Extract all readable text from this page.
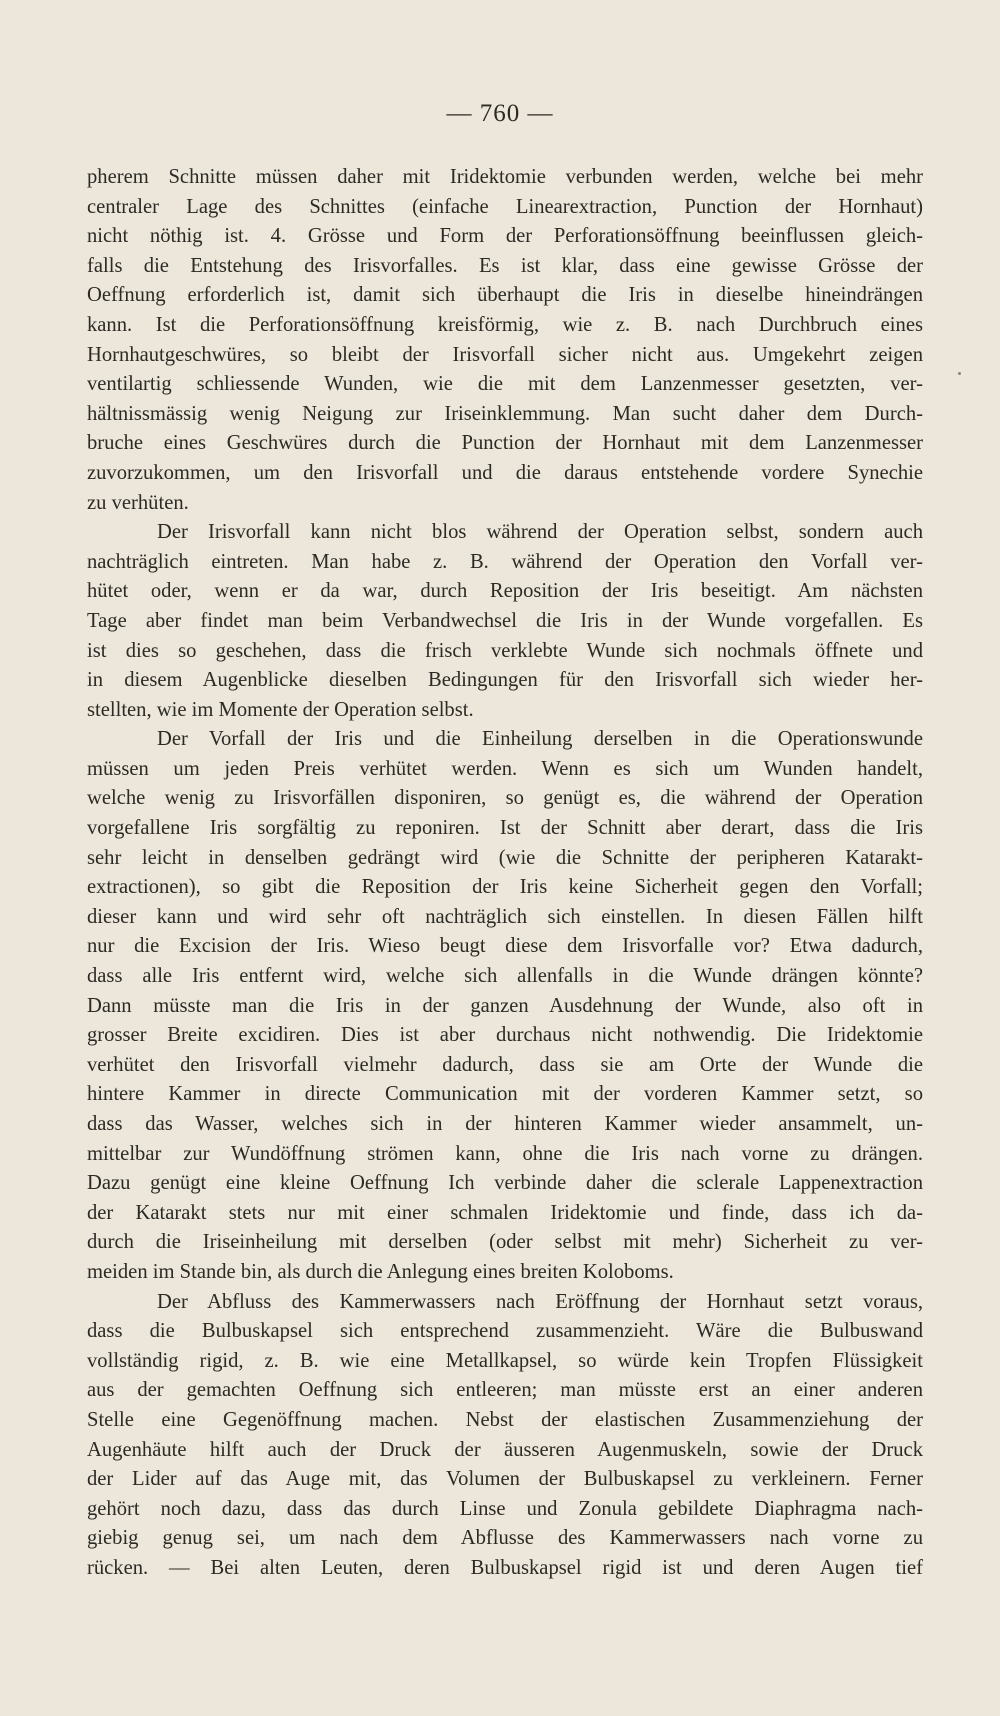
— 760 —
pherem Schnitte müssen daher mit Iridektomie verbunden werden, welche bei mehr
centraler Lage des Schnittes (einfache Linearextraction, Punction der Hornhaut)
nicht nöthig ist. 4. Grösse und Form der Perforationsöffnung beeinflussen gleich-
falls die Entstehung des Irisvorfalles. Es ist klar, dass eine gewisse Grösse der
Oeffnung erforderlich ist, damit sich überhaupt die Iris in dieselbe hineindrängen
kann. Ist die Perforationsöffnung kreisförmig, wie z. B. nach Durchbruch eines
Hornhautgeschwüres, so bleibt der Irisvorfall sicher nicht aus. Umgekehrt zeigen
ventilartig schliessende Wunden, wie die mit dem Lanzenmesser gesetzten, ver-
hältnissmässig wenig Neigung zur Iriseinklemmung. Man sucht daher dem Durch-
bruche eines Geschwüres durch die Punction der Hornhaut mit dem Lanzenmesser
zuvorzukommen, um den Irisvorfall und die daraus entstehende vordere Synechie
zu verhüten.
Der Irisvorfall kann nicht blos während der Operation selbst, sondern auch
nachträglich eintreten. Man habe z. B. während der Operation den Vorfall ver-
hütet oder, wenn er da war, durch Reposition der Iris beseitigt. Am nächsten
Tage aber findet man beim Verbandwechsel die Iris in der Wunde vorgefallen. Es
ist dies so geschehen, dass die frisch verklebte Wunde sich nochmals öffnete und
in diesem Augenblicke dieselben Bedingungen für den Irisvorfall sich wieder her-
stellten, wie im Momente der Operation selbst.
Der Vorfall der Iris und die Einheilung derselben in die Operationswunde
müssen um jeden Preis verhütet werden. Wenn es sich um Wunden handelt,
welche wenig zu Irisvorfällen disponiren, so genügt es, die während der Operation
vorgefallene Iris sorgfältig zu reponiren. Ist der Schnitt aber derart, dass die Iris
sehr leicht in denselben gedrängt wird (wie die Schnitte der peripheren Katarakt-
extractionen), so gibt die Reposition der Iris keine Sicherheit gegen den Vorfall;
dieser kann und wird sehr oft nachträglich sich einstellen. In diesen Fällen hilft
nur die Excision der Iris. Wieso beugt diese dem Irisvorfalle vor? Etwa dadurch,
dass alle Iris entfernt wird, welche sich allenfalls in die Wunde drängen könnte?
Dann müsste man die Iris in der ganzen Ausdehnung der Wunde, also oft in
grosser Breite excidiren. Dies ist aber durchaus nicht nothwendig. Die Iridektomie
verhütet den Irisvorfall vielmehr dadurch, dass sie am Orte der Wunde die
hintere Kammer in directe Communication mit der vorderen Kammer setzt, so
dass das Wasser, welches sich in der hinteren Kammer wieder ansammelt, un-
mittelbar zur Wundöffnung strömen kann, ohne die Iris nach vorne zu drängen.
Dazu genügt eine kleine Oeffnung Ich verbinde daher die sclerale Lappenextraction
der Katarakt stets nur mit einer schmalen Iridektomie und finde, dass ich da-
durch die Iriseinheilung mit derselben (oder selbst mit mehr) Sicherheit zu ver-
meiden im Stande bin, als durch die Anlegung eines breiten Koloboms.
Der Abfluss des Kammerwassers nach Eröffnung der Hornhaut setzt voraus,
dass die Bulbuskapsel sich entsprechend zusammenzieht. Wäre die Bulbuswand
vollständig rigid, z. B. wie eine Metallkapsel, so würde kein Tropfen Flüssigkeit
aus der gemachten Oeffnung sich entleeren; man müsste erst an einer anderen
Stelle eine Gegenöffnung machen. Nebst der elastischen Zusammenziehung der
Augenhäute hilft auch der Druck der äusseren Augenmuskeln, sowie der Druck
der Lider auf das Auge mit, das Volumen der Bulbuskapsel zu verkleinern. Ferner
gehört noch dazu, dass das durch Linse und Zonula gebildete Diaphragma nach-
giebig genug sei, um nach dem Abflusse des Kammerwassers nach vorne zu
rücken. — Bei alten Leuten, deren Bulbuskapsel rigid ist und deren Augen tief
